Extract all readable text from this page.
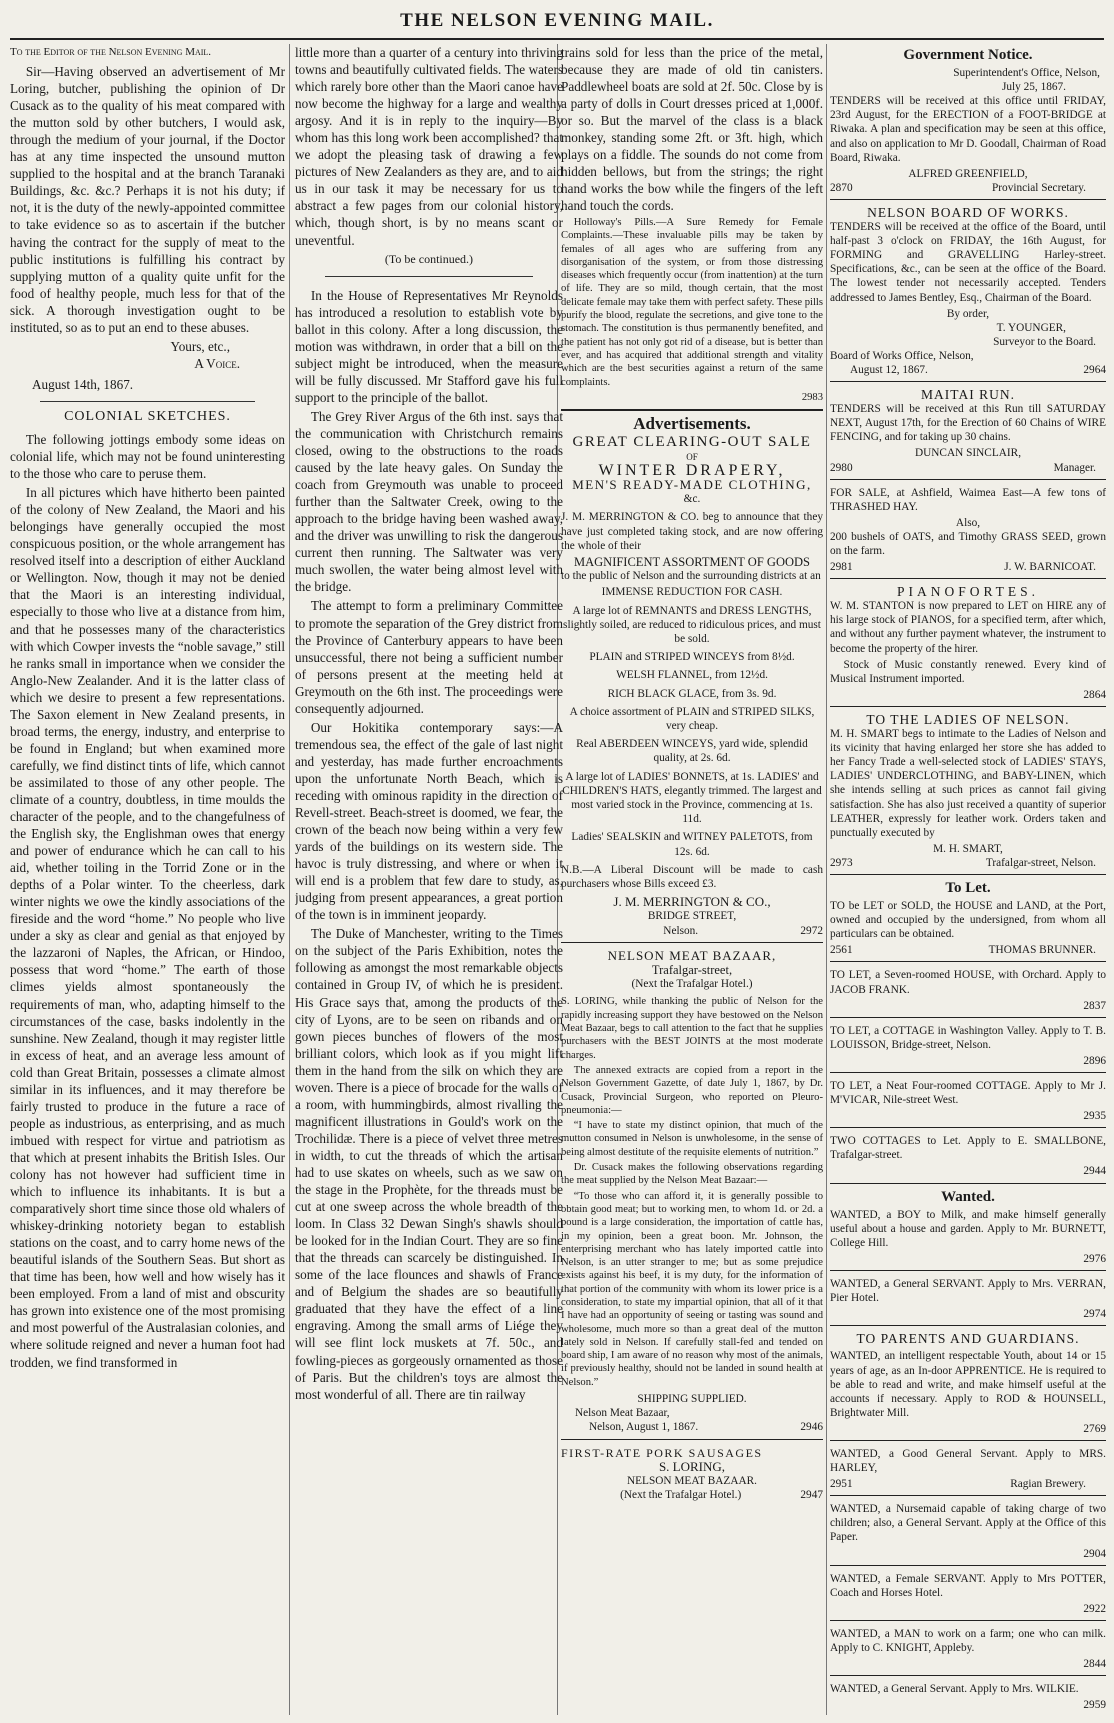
THE NELSON EVENING MAIL.

To the Editor of the Nelson Evening Mail.

Sir—Having observed an advertisement of Mr Loring, butcher, publishing the opinion of Dr Cusack as to the quality of his meat compared with the mutton sold by other butchers, I would ask, through the medium of your journal, if the Doctor has at any time inspected the unsound mutton supplied to the hospital and at the branch Taranaki Buildings, &c. &c.? Perhaps it is not his duty; if not, it is the duty of the newly-appointed committee to take evidence so as to ascertain if the butcher having the contract for the supply of meat to the public institutions is fulfilling his contract by supplying mutton of a quality quite unfit for the food of healthy people, much less for that of the sick. A thorough investigation ought to be instituted, so as to put an end to these abuses.

Yours, etc.,
A Voice.
August 14th, 1867.
COLONIAL SKETCHES.

The following jottings embody some ideas on colonial life, which may not be found uninteresting to the those who care to peruse them.

In all pictures which have hitherto been painted of the colony of New Zealand, the Maori and his belongings have generally occupied the most conspicuous position, or the whole arrangement has resolved itself into a description of either Auckland or Wellington. Now, though it may not be denied that the Maori is an interesting individual, especially to those who live at a distance from him, and that he possesses many of the characteristics with which Cowper invests the “noble savage,” still he ranks small in importance when we consider the Anglo-New Zealander. And it is the latter class of which we desire to present a few representations. The Saxon element in New Zealand presents, in broad terms, the energy, industry, and enterprise to be found in England; but when examined more carefully, we find distinct tints of life, which cannot be assimilated to those of any other people. The climate of a country, doubtless, in time moulds the character of the people, and to the changefulness of the English sky, the Englishman owes that energy and power of endurance which he can call to his aid, whether toiling in the Torrid Zone or in the depths of a Polar winter. To the cheerless, dark winter nights we owe the kindly associations of the fireside and the word “home.” No people who live under a sky as clear and genial as that enjoyed by the lazzaroni of Naples, the African, or Hindoo, possess that word “home.” The earth of those climes yields almost spontaneously the requirements of man, who, adapting himself to the circumstances of the case, basks indolently in the sunshine. New Zealand, though it may register little in excess of heat, and an average less amount of cold than Great Britain, possesses a climate almost similar in its influences, and it may therefore be fairly trusted to produce in the future a race of people as industrious, as enterprising, and as much imbued with respect for virtue and patriotism as that which at present inhabits the British Isles. Our colony has not however had sufficient time in which to influence its inhabitants. It is but a comparatively short time since those old whalers of whiskey-drinking notoriety began to establish stations on the coast, and to carry home news of the beautiful islands of the Southern Seas. But short as that time has been, how well and how wisely has it been employed. From a land of mist and obscurity has grown into existence one of the most promising and most powerful of the Australasian colonies, and where solitude reigned and never a human foot had trodden, we find transformed in

little more than a quarter of a century into thriving towns and beautifully cultivated fields. The waters which rarely bore other than the Maori canoe have now become the highway for a large and wealthy argosy. And it is in reply to the inquiry—By whom has this long work been accomplished? that we adopt the pleasing task of drawing a few pictures of New Zealanders as they are, and to aid us in our task it may be necessary for us to abstract a few pages from our colonial history, which, though short, is by no means scant or uneventful.

(To be continued.)

In the House of Representatives Mr Reynolds has introduced a resolution to establish vote by ballot in this colony. After a long discussion, the motion was withdrawn, in order that a bill on the subject might be introduced, when the measure will be fully discussed. Mr Stafford gave his full support to the principle of the ballot.

The Grey River Argus of the 6th inst. says that the communication with Christchurch remains closed, owing to the obstructions to the roads caused by the late heavy gales. On Sunday the coach from Greymouth was unable to proceed further than the Saltwater Creek, owing to the approach to the bridge having been washed away, and the driver was unwilling to risk the dangerous current then running. The Saltwater was very much swollen, the water being almost level with the bridge.

The attempt to form a preliminary Committee to promote the separation of the Grey district from the Province of Canterbury appears to have been unsuccessful, there not being a sufficient number of persons present at the meeting held at Greymouth on the 6th inst. The proceedings were consequently adjourned.

Our Hokitika contemporary says:—A tremendous sea, the effect of the gale of last night and yesterday, has made further encroachments upon the unfortunate North Beach, which is receding with ominous rapidity in the direction of Revell-street. Beach-street is doomed, we fear, the crown of the beach now being within a very few yards of the buildings on its western side. The havoc is truly distressing, and where or when it will end is a problem that few dare to study, as, judging from present appearances, a great portion of the town is in imminent jeopardy.

The Duke of Manchester, writing to the Times on the subject of the Paris Exhibition, notes the following as amongst the most remarkable objects contained in Group IV, of which he is president. His Grace says that, among the products of the city of Lyons, are to be seen on ribands and on gown pieces bunches of flowers of the most brilliant colors, which look as if you might lift them in the hand from the silk on which they are woven. There is a piece of brocade for the walls of a room, with hummingbirds, almost rivalling the magnificent illustrations in Gould's work on the Trochilidæ. There is a piece of velvet three metres in width, to cut the threads of which the artisan had to use skates on wheels, such as we saw on the stage in the Prophète, for the threads must be cut at one sweep across the whole breadth of the loom. In Class 32 Dewan Singh's shawls should be looked for in the Indian Court. They are so fine that the threads can scarcely be distinguished. In some of the lace flounces and shawls of France and of Belgium the shades are so beautifully graduated that they have the effect of a line engraving. Among the small arms of Liége they will see flint lock muskets at 7f. 50c., and fowling-pieces as gorgeously ornamented as those of Paris. But the children's toys are almost the most wonderful of all. There are tin railway

trains sold for less than the price of the metal, because they are made of old tin canisters. Paddlewheel boats are sold at 2f. 50c. Close by is a party of dolls in Court dresses priced at 1,000f. or so. But the marvel of the class is a black monkey, standing some 2ft. or 3ft. high, which plays on a fiddle. The sounds do not come from hidden bellows, but from the strings; the right hand works the bow while the fingers of the left hand touch the cords.

Holloway's Pills.—A Sure Remedy for Female Complaints.—These invaluable pills may be taken by females of all ages who are suffering from any disorganisation of the system, or from those distressing diseases which frequently occur (from inattention) at the turn of life. They are so mild, though certain, that the most delicate female may take them with perfect safety. These pills purify the blood, regulate the secretions, and give tone to the stomach. The constitution is thus permanently benefited, and the patient has not only got rid of a disease, but is better than ever, and has acquired that additional strength and vitality which are the best securities against a return of the same complaints.

2983
Advertisements.
GREAT CLEARING-OUT SALE
OF
WINTER DRAPERY,
MEN'S READY-MADE CLOTHING,
&c.

J. M. MERRINGTON & CO. beg to announce that they have just completed taking stock, and are now offering the whole of their

MAGNIFICENT ASSORTMENT OF GOODS

to the public of Nelson and the surrounding districts at an

IMMENSE REDUCTION FOR CASH.

A large lot of REMNANTS and DRESS LENGTHS, slightly soiled, are reduced to ridiculous prices, and must be sold.

PLAIN and STRIPED WINCEYS from 8½d.

WELSH FLANNEL, from 12½d.

RICH BLACK GLACE, from 3s. 9d.

A choice assortment of PLAIN and STRIPED SILKS, very cheap.

Real ABERDEEN WINCEYS, yard wide, splendid quality, at 2s. 6d.

A large lot of LADIES' BONNETS, at 1s. LADIES' and CHILDREN'S HATS, elegantly trimmed. The largest and most varied stock in the Province, commencing at 1s. 11d.

Ladies' SEALSKIN and WITNEY PALETOTS, from 12s. 6d.

N.B.—A Liberal Discount will be made to cash purchasers whose Bills exceed £3.

J. M. MERRINGTON & CO.,
BRIDGE STREET,
Nelson.	2972
NELSON MEAT BAZAAR,
Trafalgar-street,
(Next the Trafalgar Hotel.)

S. LORING, while thanking the public of Nelson for the rapidly increasing support they have bestowed on the Nelson Meat Bazaar, begs to call attention to the fact that he supplies purchasers with the BEST JOINTS at the most moderate charges.

The annexed extracts are copied from a report in the Nelson Government Gazette, of date July 1, 1867, by Dr. Cusack, Provincial Surgeon, who reported on Pleuro-pneumonia:—

“I have to state my distinct opinion, that much of the mutton consumed in Nelson is unwholesome, in the sense of being almost destitute of the requisite elements of nutrition.”

Dr. Cusack makes the following observations regarding the meat supplied by the Nelson Meat Bazaar:—

“To those who can afford it, it is generally possible to obtain good meat; but to working men, to whom 1d. or 2d. a pound is a large consideration, the importation of cattle has, in my opinion, been a great boon. Mr. Johnson, the enterprising merchant who has lately imported cattle into Nelson, is an utter stranger to me; but as some prejudice exists against his beef, it is my duty, for the information of that portion of the community with whom its lower price is a consideration, to state my impartial opinion, that all of it that I have had an opportunity of seeing or tasting was sound and wholesome, much more so than a great deal of the mutton lately sold in Nelson. If carefully stall-fed and tended on board ship, I am aware of no reason why most of the animals, if previously healthy, should not be landed in sound health at Nelson.”

SHIPPING SUPPLIED.
Nelson Meat Bazaar,
Nelson, August 1, 1867.	2946
FIRST-RATE PORK SAUSAGES
S. LORING,
NELSON MEAT BAZAAR.
(Next the Trafalgar Hotel.)	2947
Government Notice.
Superintendent's Office, Nelson,
July 25, 1867.

TENDERS will be received at this office until FRIDAY, 23rd August, for the ERECTION of a FOOT-BRIDGE at Riwaka. A plan and specification may be seen at this office, and also on application to Mr D. Goodall, Chairman of Road Board, Riwaka.

ALFRED GREENFIELD,
2870	Provincial Secretary.
NELSON BOARD OF WORKS.

TENDERS will be received at the office of the Board, until half-past 3 o'clock on FRIDAY, the 16th August, for FORMING and GRAVELLING Harley-street. Specifications, &c., can be seen at the office of the Board. The lowest tender not necessarily accepted. Tenders addressed to James Bentley, Esq., Chairman of the Board.

By order,
T. YOUNGER,
Surveyor to the Board.
Board of Works Office, Nelson,
August 12, 1867.	2964
MAITAI RUN.

TENDERS will be received at this Run till SATURDAY NEXT, August 17th, for the Erection of 60 Chains of WIRE FENCING, and for taking up 30 chains.

DUNCAN SINCLAIR,
2980	Manager.

FOR SALE, at Ashfield, Waimea East—A few tons of THRASHED HAY.

Also,

200 bushels of OATS, and Timothy GRASS SEED, grown on the farm.

2981	J. W. BARNICOAT.
PIANOFORTES.

W. M. STANTON is now prepared to LET on HIRE any of his large stock of PIANOS, for a specified term, after which, and without any further payment whatever, the instrument to become the property of the hirer.

Stock of Music constantly renewed. Every kind of Musical Instrument imported.

2864
TO THE LADIES OF NELSON.

M. H. SMART begs to intimate to the Ladies of Nelson and its vicinity that having enlarged her store she has added to her Fancy Trade a well-selected stock of LADIES' STAYS, LADIES' UNDERCLOTHING, and BABY-LINEN, which she intends selling at such prices as cannot fail giving satisfaction. She has also just received a quantity of superior LEATHER, expressly for leather work. Orders taken and punctually executed by

M. H. SMART,
2973	Trafalgar-street, Nelson.
To Let.

TO be LET or SOLD, the HOUSE and LAND, at the Port, owned and occupied by the undersigned, from whom all particulars can be obtained.

2561	THOMAS BRUNNER.

TO LET, a Seven-roomed HOUSE, with Orchard. Apply to JACOB FRANK.

2837

TO LET, a COTTAGE in Washington Valley. Apply to T. B. LOUISSON, Bridge-street, Nelson.

2896

TO LET, a Neat Four-roomed COTTAGE. Apply to Mr J. M'VICAR, Nile-street West.

2935

TWO COTTAGES to Let. Apply to E. SMALLBONE, Trafalgar-street.

2944
Wanted.

WANTED, a BOY to Milk, and make himself generally useful about a house and garden. Apply to Mr. BURNETT, College Hill.

2976

WANTED, a General SERVANT. Apply to Mrs. VERRAN, Pier Hotel.

2974
TO PARENTS AND GUARDIANS.

WANTED, an intelligent respectable Youth, about 14 or 15 years of age, as an In-door APPRENTICE. He is required to be able to read and write, and make himself useful at the accounts if necessary. Apply to ROD & HOUNSELL, Brightwater Mill.

2769

WANTED, a Good General Servant. Apply to MRS. HARLEY,

2951	Ragian Brewery.

WANTED, a Nursemaid capable of taking charge of two children; also, a General Servant. Apply at the Office of this Paper.

2904

WANTED, a Female SERVANT. Apply to Mrs POTTER, Coach and Horses Hotel.

2922

WANTED, a MAN to work on a farm; one who can milk. Apply to C. KNIGHT, Appleby.

2844

WANTED, a General Servant. Apply to Mrs. WILKIE.

2959
